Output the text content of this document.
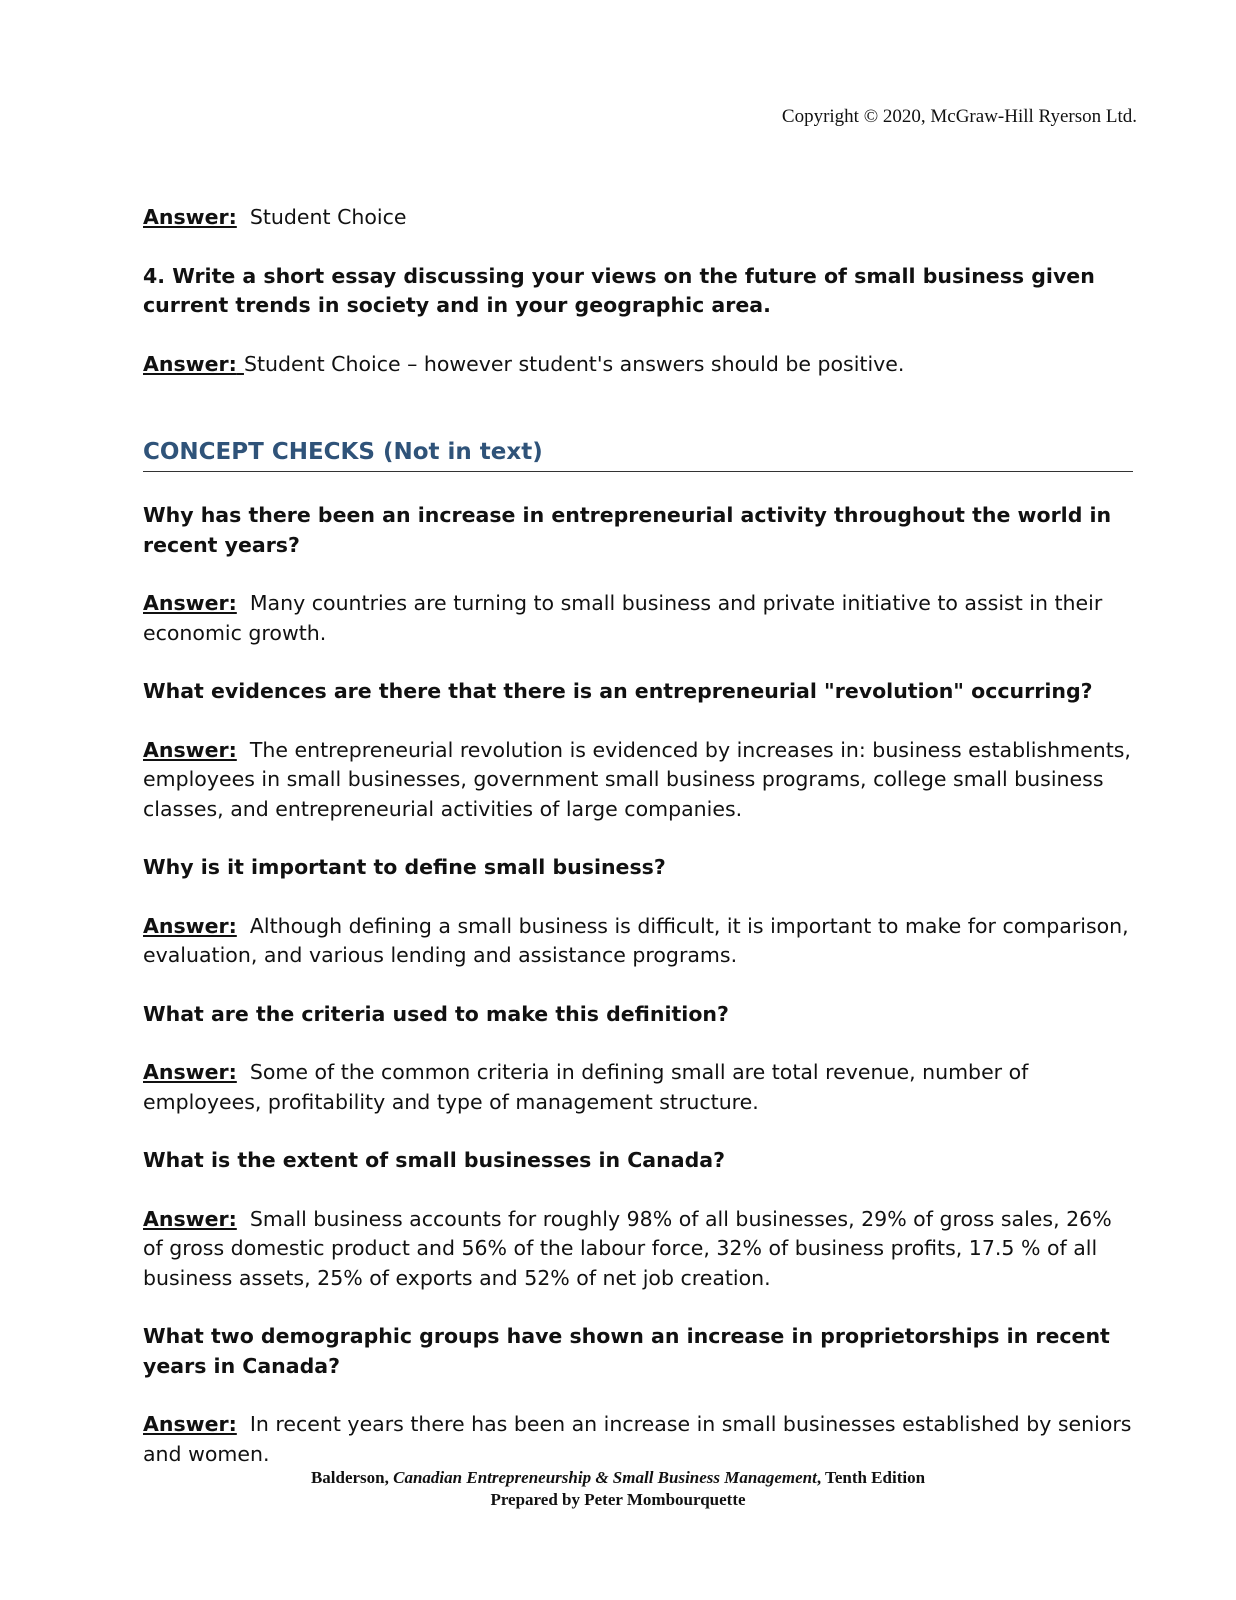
Copyright © 2020, McGraw-Hill Ryerson Ltd.

Answer: Student Choice

4. Write a short essay discussing your views on the future of small business given current trends in society and in your geographic area.

Answer: Student Choice – however student's answers should be positive.

CONCEPT CHECKS (Not in text)

Why has there been an increase in entrepreneurial activity throughout the world in recent years?

Answer: Many countries are turning to small business and private initiative to assist in their economic growth.

What evidences are there that there is an entrepreneurial "revolution" occurring?

Answer: The entrepreneurial revolution is evidenced by increases in: business establishments, employees in small businesses, government small business programs, college small business classes, and entrepreneurial activities of large companies.

Why is it important to define small business?

Answer: Although defining a small business is difficult, it is important to make for comparison, evaluation, and various lending and assistance programs.

What are the criteria used to make this definition?

Answer: Some of the common criteria in defining small are total revenue, number of employees, profitability and type of management structure.

What is the extent of small businesses in Canada?

Answer: Small business accounts for roughly 98% of all businesses, 29% of gross sales, 26% of gross domestic product and 56% of the labour force, 32% of business profits, 17.5 % of all business assets, 25% of exports and 52% of net job creation.

What two demographic groups have shown an increase in proprietorships in recent years in Canada?

Answer: In recent years there has been an increase in small businesses established by seniors and women.

Balderson, Canadian Entrepreneurship & Small Business Management, Tenth Edition
Prepared by Peter Mombourquette
